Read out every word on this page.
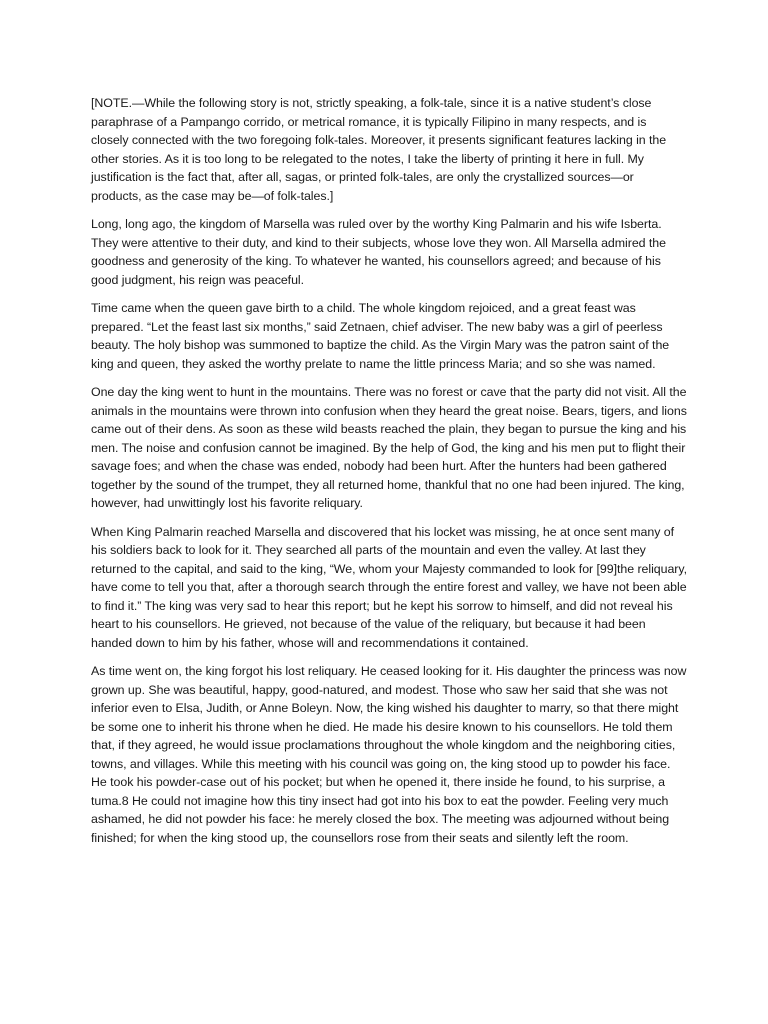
[NOTE.—While the following story is not, strictly speaking, a folk-tale, since it is a native student’s close paraphrase of a Pampango corrido, or metrical romance, it is typically Filipino in many respects, and is closely connected with the two foregoing folk-tales. Moreover, it presents significant features lacking in the other stories. As it is too long to be relegated to the notes, I take the liberty of printing it here in full. My justification is the fact that, after all, sagas, or printed folk-tales, are only the crystallized sources—or products, as the case may be—of folk-tales.]

Long, long ago, the kingdom of Marsella was ruled over by the worthy King Palmarin and his wife Isberta. They were attentive to their duty, and kind to their subjects, whose love they won. All Marsella admired the goodness and generosity of the king. To whatever he wanted, his counsellors agreed; and because of his good judgment, his reign was peaceful.

Time came when the queen gave birth to a child. The whole kingdom rejoiced, and a great feast was prepared. “Let the feast last six months,” said Zetnaen, chief adviser. The new baby was a girl of peerless beauty. The holy bishop was summoned to baptize the child. As the Virgin Mary was the patron saint of the king and queen, they asked the worthy prelate to name the little princess Maria; and so she was named.

One day the king went to hunt in the mountains. There was no forest or cave that the party did not visit. All the animals in the mountains were thrown into confusion when they heard the great noise. Bears, tigers, and lions came out of their dens. As soon as these wild beasts reached the plain, they began to pursue the king and his men. The noise and confusion cannot be imagined. By the help of God, the king and his men put to flight their savage foes; and when the chase was ended, nobody had been hurt. After the hunters had been gathered together by the sound of the trumpet, they all returned home, thankful that no one had been injured. The king, however, had unwittingly lost his favorite reliquary.

When King Palmarin reached Marsella and discovered that his locket was missing, he at once sent many of his soldiers back to look for it. They searched all parts of the mountain and even the valley. At last they returned to the capital, and said to the king, “We, whom your Majesty commanded to look for [99]the reliquary, have come to tell you that, after a thorough search through the entire forest and valley, we have not been able to find it.” The king was very sad to hear this report; but he kept his sorrow to himself, and did not reveal his heart to his counsellors. He grieved, not because of the value of the reliquary, but because it had been handed down to him by his father, whose will and recommendations it contained.

As time went on, the king forgot his lost reliquary. He ceased looking for it. His daughter the princess was now grown up. She was beautiful, happy, good-natured, and modest. Those who saw her said that she was not inferior even to Elsa, Judith, or Anne Boleyn. Now, the king wished his daughter to marry, so that there might be some one to inherit his throne when he died. He made his desire known to his counsellors. He told them that, if they agreed, he would issue proclamations throughout the whole kingdom and the neighboring cities, towns, and villages. While this meeting with his council was going on, the king stood up to powder his face. He took his powder-case out of his pocket; but when he opened it, there inside he found, to his surprise, a tuma.8 He could not imagine how this tiny insect had got into his box to eat the powder. Feeling very much ashamed, he did not powder his face: he merely closed the box. The meeting was adjourned without being finished; for when the king stood up, the counsellors rose from their seats and silently left the room.
